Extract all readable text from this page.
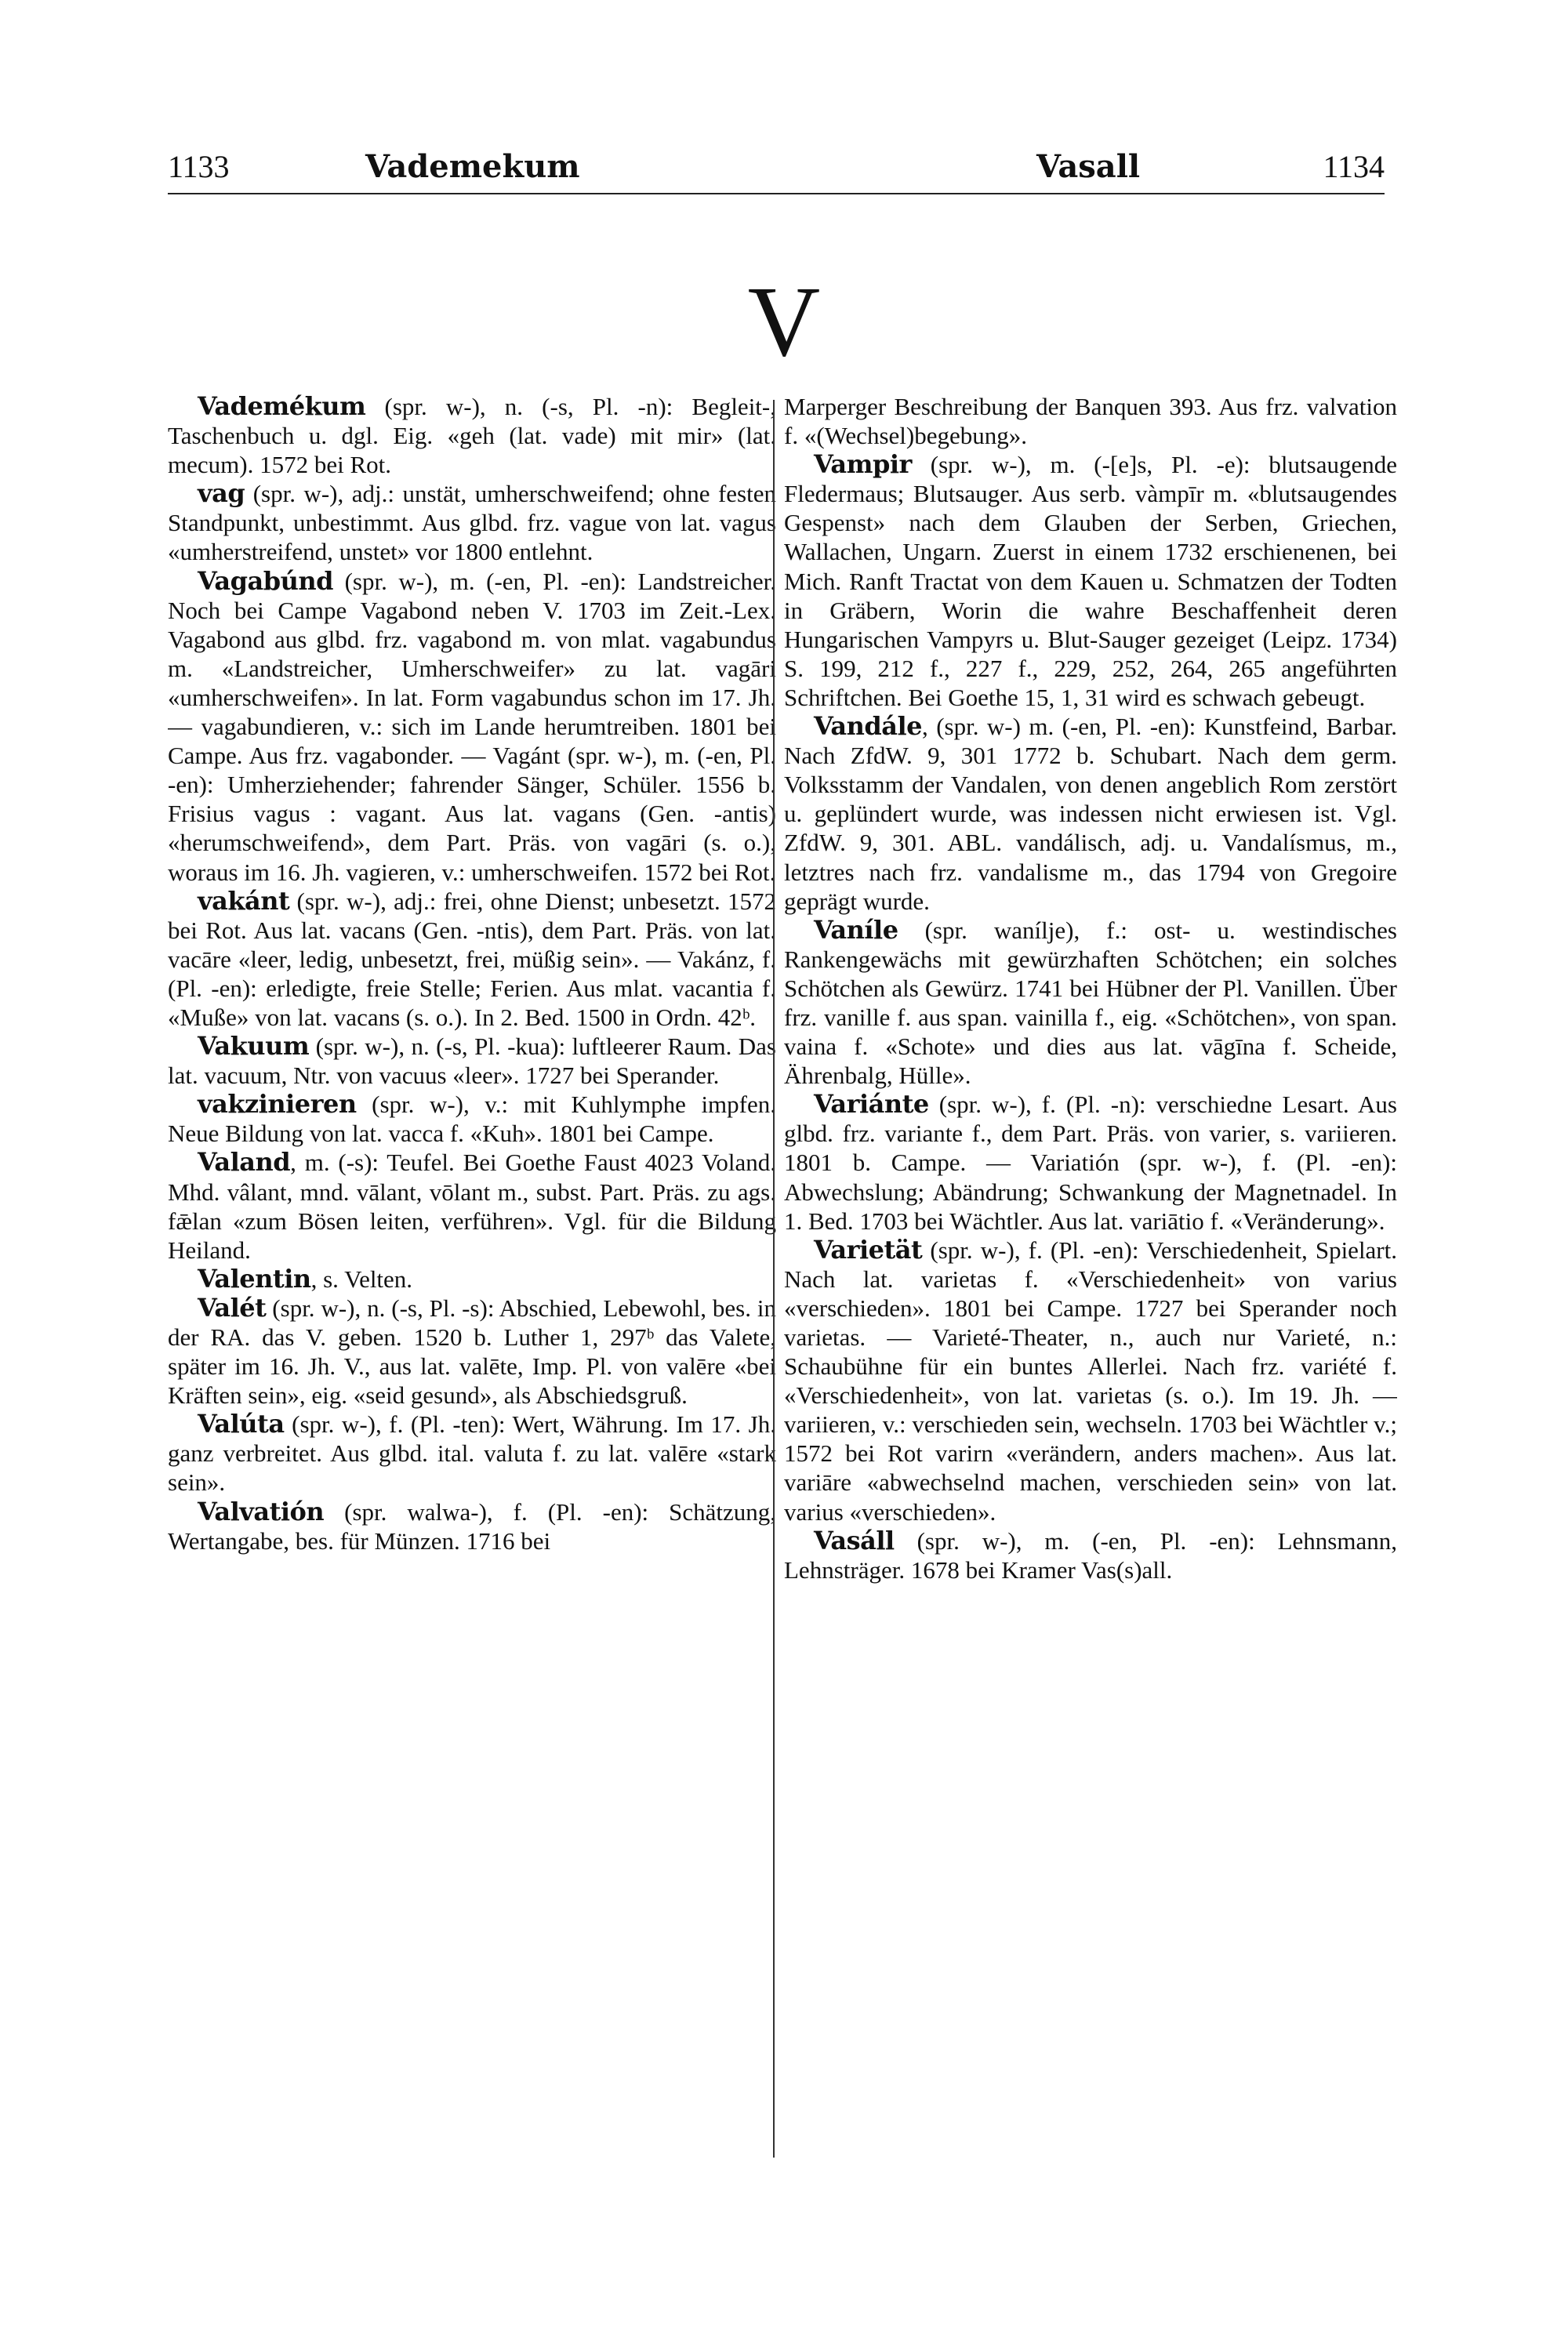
1133	Vademekum	Vasall	1134
V

Vademékum (spr. w-), n. (-s, Pl. -n): Begleit-, Taschenbuch u. dgl. Eig. «geh (lat. vade) mit mir» (lat. mecum). 1572 bei Rot.

vag (spr. w-), adj.: unstät, umherschweifend; ohne festen Standpunkt, unbestimmt. Aus glbd. frz. vague von lat. vagus «umherstreifend, unstet» vor 1800 entlehnt.

Vagabúnd (spr. w-), m. (-en, Pl. -en): Landstreicher. Noch bei Campe Vagabond neben V. 1703 im Zeit.-Lex. Vagabond aus glbd. frz. vagabond m. von mlat. vagabundus m. «Landstreicher, Umherschweifer» zu lat. vagāri «umherschweifen». In lat. Form vagabundus schon im 17. Jh. — vagabundieren, v.: sich im Lande herumtreiben. 1801 bei Campe. Aus frz. vagabonder. — Vagánt (spr. w-), m. (-en, Pl. -en): Umherziehender; fahrender Sänger, Schüler. 1556 b. Frisius vagus : vagant. Aus lat. vagans (Gen. -antis) «herumschweifend», dem Part. Präs. von vagāri (s. o.), woraus im 16. Jh. vagieren, v.: umherschweifen. 1572 bei Rot.

vakánt (spr. w-), adj.: frei, ohne Dienst; unbesetzt. 1572 bei Rot. Aus lat. vacans (Gen. -ntis), dem Part. Präs. von lat. vacāre «leer, ledig, unbesetzt, frei, müßig sein». — Vakánz, f. (Pl. -en): erledigte, freie Stelle; Ferien. Aus mlat. vacantia f. «Muße» von lat. vacans (s. o.). In 2. Bed. 1500 in Ordn. 42ᵇ.

Vakuum (spr. w-), n. (-s, Pl. -kua): luftleerer Raum. Das lat. vacuum, Ntr. von vacuus «leer». 1727 bei Sperander.

vakzinieren (spr. w-), v.: mit Kuhlymphe impfen. Neue Bildung von lat. vacca f. «Kuh». 1801 bei Campe.

Valand, m. (-s): Teufel. Bei Goethe Faust 4023 Voland. Mhd. vâlant, mnd. vālant, vōlant m., subst. Part. Präs. zu ags. fǣlan «zum Bösen leiten, verführen». Vgl. für die Bildung Heiland.

Valentin, s. Velten.

Valét (spr. w-), n. (-s, Pl. -s): Abschied, Lebewohl, bes. in der RA. das V. geben. 1520 b. Luther 1, 297ᵇ das Valete, später im 16. Jh. V., aus lat. valēte, Imp. Pl. von valēre «bei Kräften sein», eig. «seid gesund», als Abschiedsgruß.

Valúta (spr. w-), f. (Pl. -ten): Wert, Währung. Im 17. Jh. ganz verbreitet. Aus glbd. ital. valuta f. zu lat. valēre «stark sein».

Valvatión (spr. walwa-), f. (Pl. -en): Schätzung, Wertangabe, bes. für Münzen. 1716 bei

Marperger Beschreibung der Banquen 393. Aus frz. valvation f. «(Wechsel)begebung».

Vampir (spr. w-), m. (-[e]s, Pl. -e): blutsaugende Fledermaus; Blutsauger. Aus serb. vàmpīr m. «blutsaugendes Gespenst» nach dem Glauben der Serben, Griechen, Wallachen, Ungarn. Zuerst in einem 1732 erschienenen, bei Mich. Ranft Tractat von dem Kauen u. Schmatzen der Todten in Gräbern, Worin die wahre Beschaffenheit deren Hungarischen Vampyrs u. Blut-Sauger gezeiget (Leipz. 1734) S. 199, 212 f., 227 f., 229, 252, 264, 265 angeführten Schriftchen. Bei Goethe 15, 1, 31 wird es schwach gebeugt.

Vandále, (spr. w-) m. (-en, Pl. -en): Kunstfeind, Barbar. Nach ZfdW. 9, 301 1772 b. Schubart. Nach dem germ. Volksstamm der Vandalen, von denen angeblich Rom zerstört u. geplündert wurde, was indessen nicht erwiesen ist. Vgl. ZfdW. 9, 301. ABL. vandálisch, adj. u. Vandalísmus, m., letztres nach frz. vandalisme m., das 1794 von Gregoire geprägt wurde.

Vaníle (spr. wanílje), f.: ost- u. westindisches Rankengewächs mit gewürzhaften Schötchen; ein solches Schötchen als Gewürz. 1741 bei Hübner der Pl. Vanillen. Über frz. vanille f. aus span. vainilla f., eig. «Schötchen», von span. vaina f. «Schote» und dies aus lat. vāgīna f. Scheide, Ährenbalg, Hülle».

Variánte (spr. w-), f. (Pl. -n): verschiedne Lesart. Aus glbd. frz. variante f., dem Part. Präs. von varier, s. variieren. 1801 b. Campe. — Variatión (spr. w-), f. (Pl. -en): Abwechslung; Abändrung; Schwankung der Magnetnadel. In 1. Bed. 1703 bei Wächtler. Aus lat. variātio f. «Veränderung».

Varietät (spr. w-), f. (Pl. -en): Verschiedenheit, Spielart. Nach lat. varietas f. «Verschiedenheit» von varius «verschieden». 1801 bei Campe. 1727 bei Sperander noch varietas. — Varieté-Theater, n., auch nur Varieté, n.: Schaubühne für ein buntes Allerlei. Nach frz. variété f. «Verschiedenheit», von lat. varietas (s. o.). Im 19. Jh. — variieren, v.: verschieden sein, wechseln. 1703 bei Wächtler v.; 1572 bei Rot varirn «verändern, anders machen». Aus lat. variāre «abwechselnd machen, verschieden sein» von lat. varius «verschieden».

Vasáll (spr. w-), m. (-en, Pl. -en): Lehnsmann, Lehnsträger. 1678 bei Kramer Vas(s)all.
